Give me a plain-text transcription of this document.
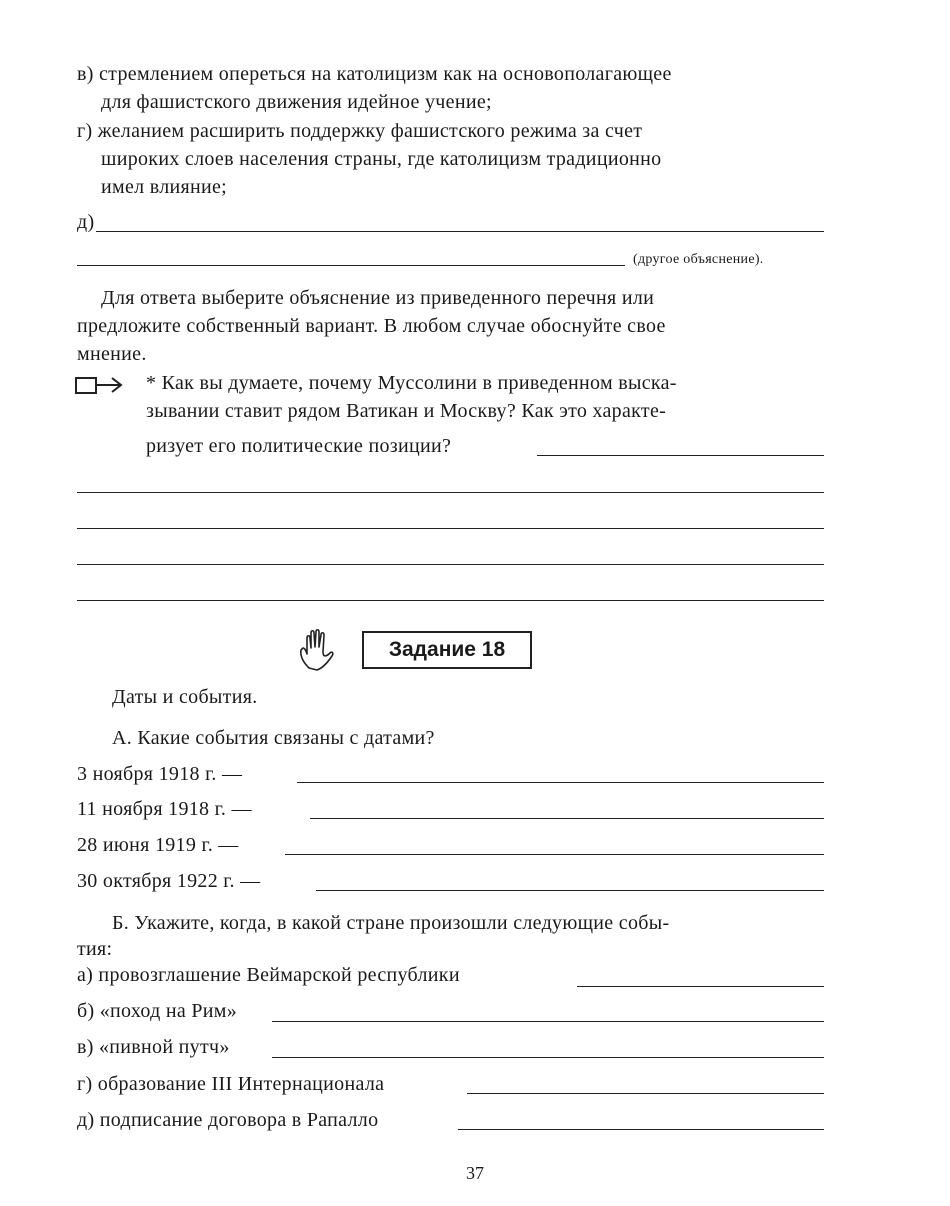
в) стремлением опереться на католицизм как на основополагающее
для фашистского движения идейное учение;
г) желанием расширить поддержку фашистского режима за счет
широких слоев населения страны, где католицизм традиционно
имел влияние;
д)
(другое объяснение).
Для ответа выберите объяснение из приведенного перечня или
предложите собственный вариант. В любом случае обоснуйте свое
мнение.
* Как вы думаете, почему Муссолини в приведенном выска-
зывании ставит рядом Ватикан и Москву? Как это характе-
ризует его политические позиции?
Задание 18
Даты и события.
А. Какие события связаны с датами?
3 ноября 1918 г. —
11 ноября 1918 г. —
28 июня 1919 г. —
30 октября 1922 г. —
Б. Укажите, когда, в какой стране произошли следующие собы-
тия:
а) провозглашение Веймарской республики
б) «поход на Рим»
в) «пивной путч»
г) образование III Интернационала
д) подписание договора в Рапалло
37
